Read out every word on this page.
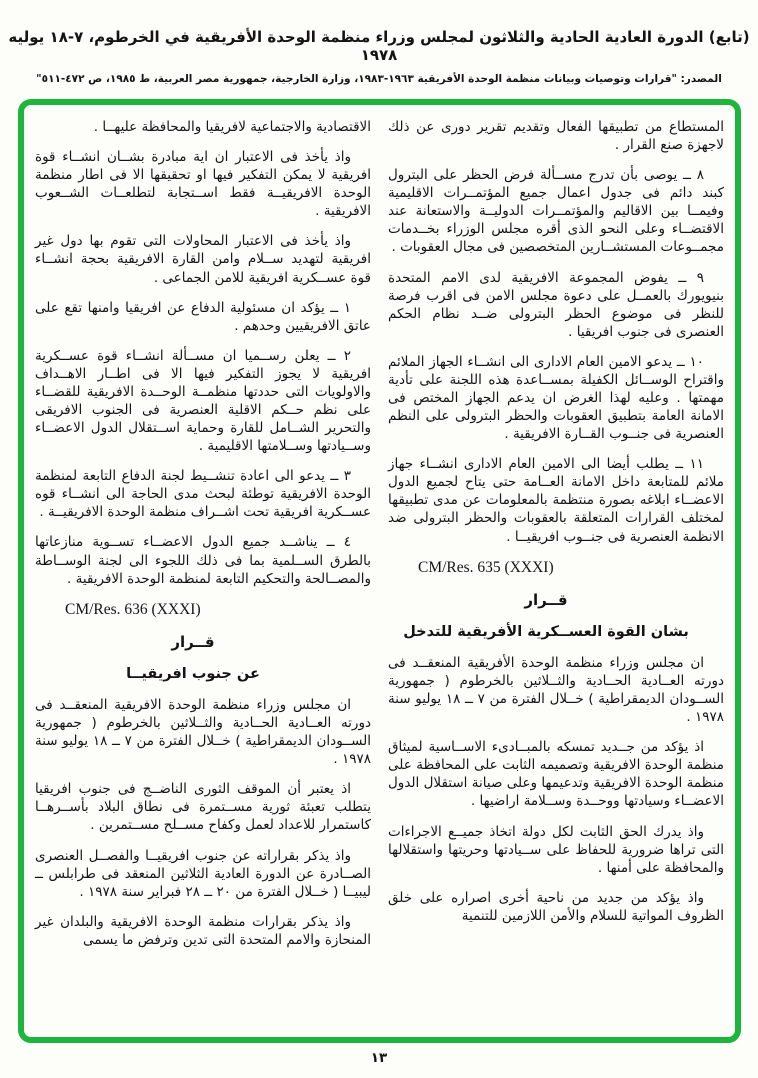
(تابع) الدورة العادية الحادية والثلاثون لمجلس وزراء منظمة الوحدة الأفريقية في الخرطوم، ٧-١٨ يوليه ١٩٧٨
المصدر: "قرارات وتوصيات وبيانات منظمة الوحدة الأفريقية ١٩٦٣-١٩٨٣، وزارة الخارجية، جمهورية مصر العربية، ط ١٩٨٥، ص ٤٧٢-٥١١"

المستطاع من تطبيقها الفعال وتقديم تقرير دورى عن ذلك لاجهزة صنع القرار .

٨ ــ يوصى بأن تدرج مســألة فرض الحظر على البترول كبند دائم فى جدول اعمال جميع المؤتمــرات الاقليمية وفيمــا بين الاقاليم والمؤتمــرات الدوليــة والاستعانة عند الاقتضــاء وعلى النحو الذى أقره مجلس الوزراء بخــدمات مجمــوعات المستشــارين المتخصصين فى مجال العقوبات .

٩ ــ يفوض المجموعة الافريقية لدى الامم المتحدة بنيويورك بالعمــل على دعوة مجلس الامن فى اقرب فرصة للنظر فى موضوع الحظر البترولى ضــد نظام الحكم العنصرى فى جنوب افريقيا .

١٠ ــ يدعو الامين العام الادارى الى انشــاء الجهاز الملائم واقتراح الوســائل الكفيلة بمســاعدة هذه اللجنة على تأدية مهمتها . وعليه لهذا الغرض ان يدعم الجهاز المختص فى الامانة العامة بتطبيق العقوبات والحظر البترولى على النظم العنصرية فى جنــوب القــارة الافريقية .

١١ ــ يطلب أيضا الى الامين العام الادارى انشــاء جهاز ملائم للمتابعة داخل الامانة العــامة حتى يتاح لجميع الدول الاعضــاء ابلاغه بصورة منتظمة بالمعلومات عن مدى تطبيقها لمختلف القرارات المتعلقة بالعقوبات والحظر البترولى ضد الانظمة العنصرية فى جنــوب افريقيــا .

CM/Res. 635 (XXXI)

قــرار

بشان القوة العســكرية الأفريقية للتدخل

ان مجلس وزراء منظمة الوحدة الأفريقية المنعقــد فى دورته العــادية الحــادية والثــلاثين بالخرطوم ( جمهورية الســودان الديمقراطية ) خــلال الفترة من ٧ ــ ١٨ يوليو سنة ١٩٧٨ .

اذ يؤكد من جــديد تمسكه بالمبــادىء الاســاسية لميثاق منظمة الوحدة الافريقية وتصميمه الثابت على المحافظة على منظمة الوحدة الافريقية وتدعيمها وعلى صيانة استقلال الدول الاعضــاء وسيادتها ووحــدة وســلامة اراضيها .

واذ يدرك الحق الثابت لكل دولة اتخاذ جميــع الاجراءات التى تراها ضرورية للحفاظ على ســيادتها وحريتها واستقلالها والمحافظة على أمنها .

واذ يؤكد من جديد من ناحية أخرى اصراره على خلق الظروف المواتية للسلام والأمن اللازمين للتنمية

الاقتصادية والاجتماعية لافريقيا والمحافظة عليهــا .

واذ يأخذ فى الاعتبار ان اية مبادرة بشــان انشــاء قوة افريقية لا يمكن التفكير فيها او تحقيقها الا فى اطار منظمة الوحدة الافريقيــة فقط اســتجابة لتطلعــات الشــعوب الافريقية .

واذ يأخذ فى الاعتبار المحاولات التى تقوم بها دول غير افريقية لتهديد ســلام وامن القارة الافريقية بحجة انشــاء قوة عســكرية افريقية للامن الجماعى .

١ ــ يؤكد ان مسئولية الدفاع عن افريقيا وامنها تقع على عاتق الافريقيين وحدهم .

٢ ــ يعلن رســميا ان مســألة انشــاء قوة عســكرية افريقية لا يجوز التفكير فيها الا فى اطــار الاهــداف والاولويات التى حددتها منظمــة الوحــدة الافريقية للقضــاء على نظم حــكم الاقلية العنصرية فى الجنوب الافريقى والتحرير الشــامل للقارة وحماية اســتقلال الدول الاعضــاء وســيادتها وســلامتها الاقليمية .

٣ ــ يدعو الى اعادة تنشــيط لجنة الدفاع التابعة لمنظمة الوحدة الافريقية توطئة لبحث مدى الحاجة الى انشــاء قوه عســكرية افريقية تحت اشــراف منظمة الوحدة الافريقيــة .

٤ ــ يناشــد جميع الدول الاعضــاء تســوية منازعاتها بالطرق الســلمية بما فى ذلك اللجوء الى لجنة الوســاطة والمصــالحة والتحكيم التابعة لمنظمة الوحدة الافريقية .

CM/Res. 636 (XXXI)

قــرار

عن جنوب افريقيــا

ان مجلس وزراء منظمة الوحدة الافريقية المنعقــد فى دورته العــادية الحــادية والثــلاثين بالخرطوم ( جمهورية الســودان الديمقراطية ) خــلال الفترة من ٧ ــ ١٨ يوليو سنة ١٩٧٨ .

اذ يعتبر أن الموقف الثورى الناضــج فى جنوب افريقيا يتطلب تعبئة ثورية مســتمرة فى نطاق البلاد بأســرهــا كاستمرار للاعداد لعمل وكفاح مســلح مســتمرين .

واذ يذكر بقراراته عن جنوب افريقيــا والفصــل العنصرى الصــادرة عن الدورة العادية الثلاثين المنعقد فى طرابلس ــ ليبيــا ( خــلال الفترة من ٢٠ ــ ٢٨ فبراير سنة ١٩٧٨ .

واذ يذكر بقرارات منظمة الوحدة الافريقية والبلدان غير المنحازة والامم المتحدة التى تدين وترفض ما يسمى

١٣
